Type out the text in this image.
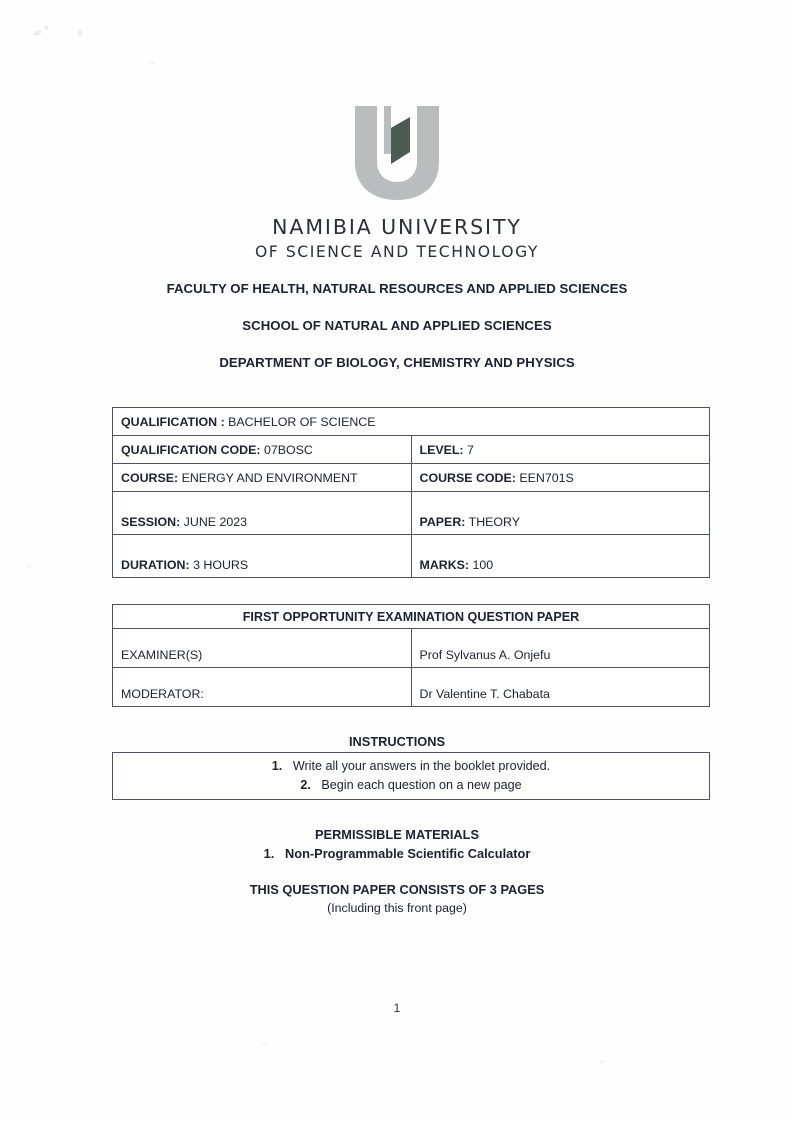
NAMIBIA UNIVERSITY
OF SCIENCE AND TECHNOLOGY
FACULTY OF HEALTH, NATURAL RESOURCES AND APPLIED SCIENCES
SCHOOL OF NATURAL AND APPLIED SCIENCES
DEPARTMENT OF BIOLOGY, CHEMISTRY AND PHYSICS
QUALIFICATION : BACHELOR OF SCIENCE	
QUALIFICATION CODE: 07BOSC	LEVEL: 7
COURSE: ENERGY AND ENVIRONMENT	COURSE CODE: EEN701S
SESSION: JUNE 2023	PAPER: THEORY
DURATION: 3 HOURS	MARKS: 100
FIRST OPPORTUNITY EXAMINATION QUESTION PAPER	
EXAMINER(S)	Prof Sylvanus A. Onjefu
MODERATOR:	Dr Valentine T. Chabata
INSTRUCTIONS
1. Write all your answers in the booklet provided.
2. Begin each question on a new page
PERMISSIBLE MATERIALS
1. Non-Programmable Scientific Calculator
THIS QUESTION PAPER CONSISTS OF 3 PAGES
(Including this front page)
1
